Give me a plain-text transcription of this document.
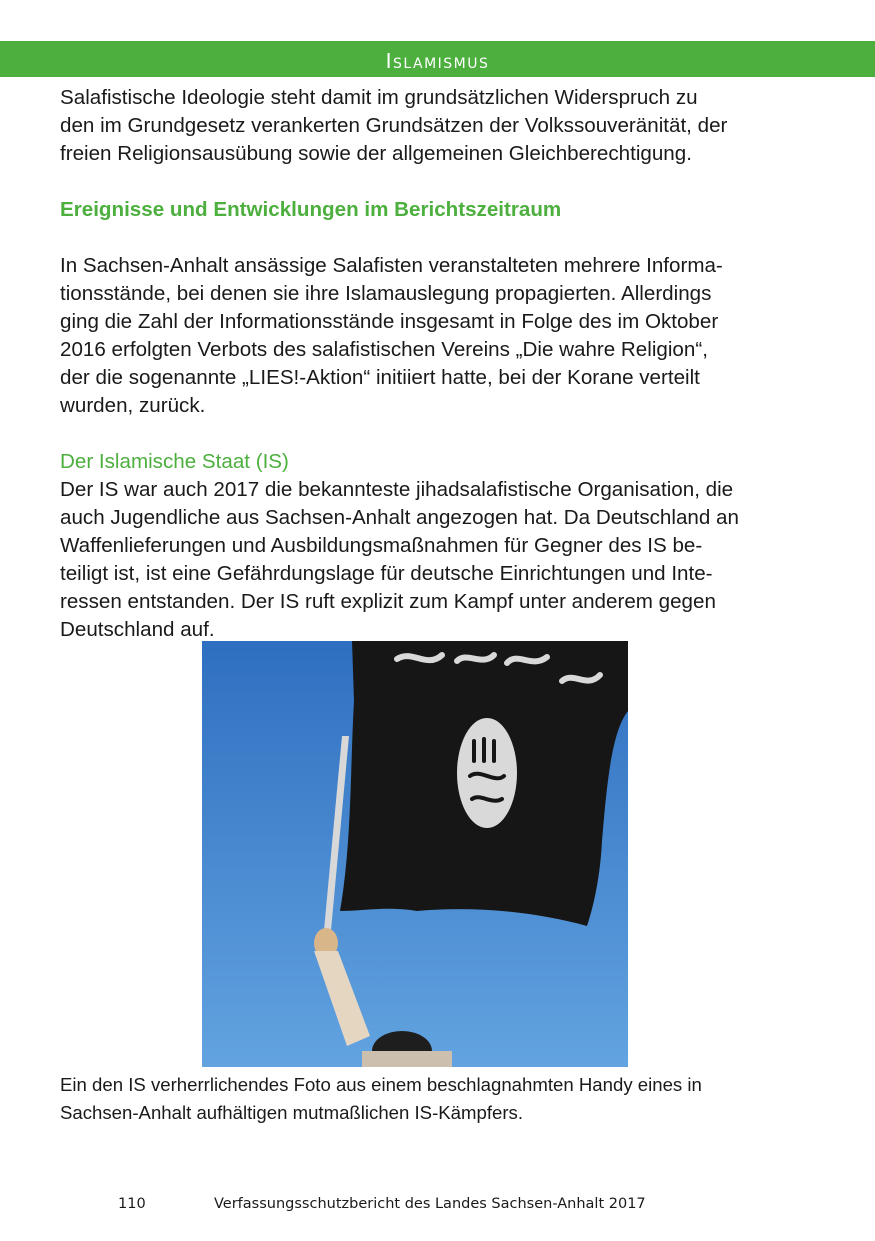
Islamismus

Salafistische Ideologie steht damit im grundsätzlichen Widerspruch zu
den im Grundgesetz verankerten Grundsätzen der Volkssouveränität, der
freien Religionsausübung sowie der allgemeinen Gleichberechtigung.

Ereignisse und Entwicklungen im Berichtszeitraum

In Sachsen-Anhalt ansässige Salafisten veranstalteten mehrere Informa-
tionsstände, bei denen sie ihre Islamauslegung propagierten. Allerdings
ging die Zahl der Informationsstände insgesamt in Folge des im Oktober
2016 erfolgten Verbots des salafistischen Vereins „Die wahre Religion“,
der die sogenannte „LIES!-Aktion“ initiiert hatte, bei der Korane verteilt
wurden, zurück.

Der Islamische Staat (IS)

Der IS war auch 2017 die bekannteste jihadsalafistische Organisation, die
auch Jugendliche aus Sachsen-Anhalt angezogen hat. Da Deutschland an
Waffenlieferungen und Ausbildungsmaßnahmen für Gegner des IS be-
teiligt ist, ist eine Gefährdungslage für deutsche Einrichtungen und Inte-
ressen entstanden. Der IS ruft explizit zum Kampf unter anderem gegen
Deutschland auf.

Ein den IS verherrlichendes Foto aus einem beschlagnahmten Handy eines in
Sachsen-Anhalt aufhältigen mutmaßlichen IS-Kämpfers.

110	Verfassungsschutzbericht des Landes Sachsen-Anhalt 2017
